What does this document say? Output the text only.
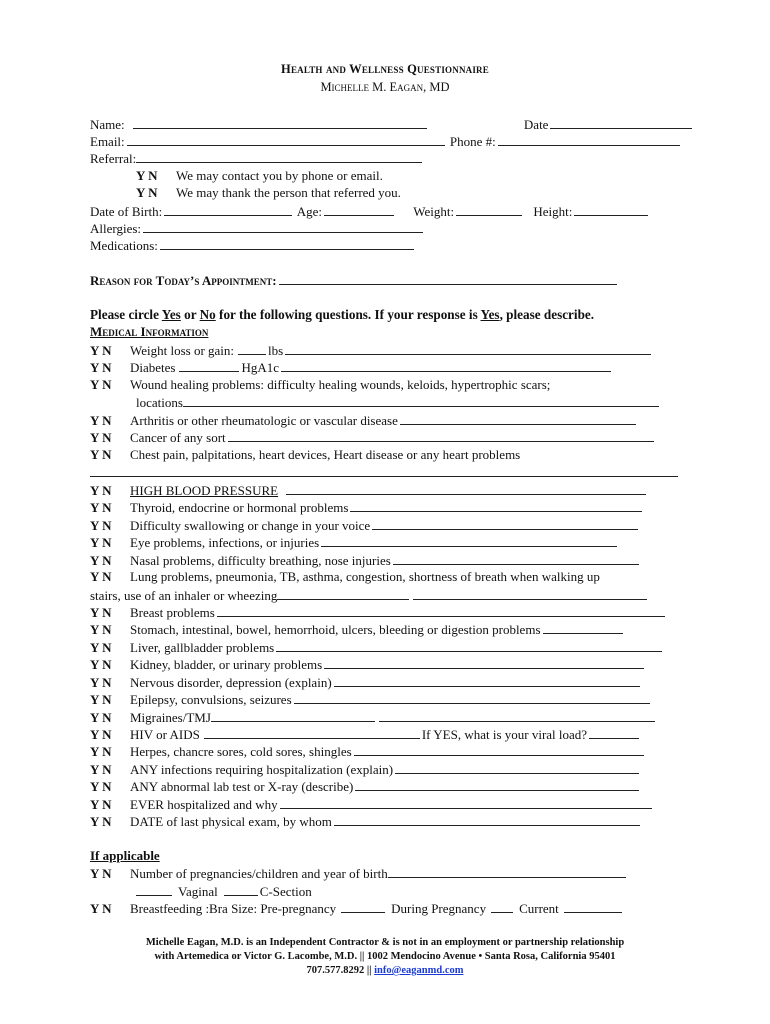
Health and Wellness Questionnaire
Michelle M. Eagan, MD
Name:	Date
Email:	Phone #:
Referral:
Y N We may contact you by phone or email.
Y N We may thank the person that referred you.
Date of Birth:	Age:	Weight:	Height:
Allergies:
Medications:
Reason for Today’s Appointment:
Please circle Yes or No for the following questions. If your response is Yes, please describe.
Medical Information
Y N Weight loss or gain:	lbs
Y N Diabetes	HgA1c
Y N Wound healing problems: difficulty healing wounds, keloids, hypertrophic scars;
locations
Y N Arthritis or other rheumatologic or vascular disease
Y N Cancer of any sort
Y N Chest pain, palpitations, heart devices, Heart disease or any heart problems
Y N HIGH BLOOD PRESSURE
Y N Thyroid, endocrine or hormonal problems
Y N Difficulty swallowing or change in your voice
Y N Eye problems, infections, or injuries
Y N Nasal problems, difficulty breathing, nose injuries
Y N Lung problems, pneumonia, TB, asthma, congestion, shortness of breath when walking up
stairs, use of an inhaler or wheezing
Y N Breast problems
Y N Stomach, intestinal, bowel, hemorrhoid, ulcers, bleeding or digestion problems
Y N Liver, gallbladder problems
Y N Kidney, bladder, or urinary problems
Y N Nervous disorder, depression (explain)
Y N Epilepsy, convulsions, seizures
Y N Migraines/TMJ
Y N HIV or AIDS	If YES, what is your viral load?
Y N Herpes, chancre sores, cold sores, shingles
Y N ANY infections requiring hospitalization (explain)
Y N ANY abnormal lab test or X-ray (describe)
Y N EVER hospitalized and why
Y N DATE of last physical exam, by whom
If applicable
Y N Number of pregnancies/children and year of birth
Vaginal	C-Section
Y N Breastfeeding :Bra Size: Pre-pregnancy	During Pregnancy	Current
Michelle Eagan, M.D. is an Independent Contractor & is not in an employment or partnership relationship
with Artemedica or Victor G. Lacombe, M.D. || 1002 Mendocino Avenue • Santa Rosa, California 95401
707.577.8292 || info@eaganmd.com
